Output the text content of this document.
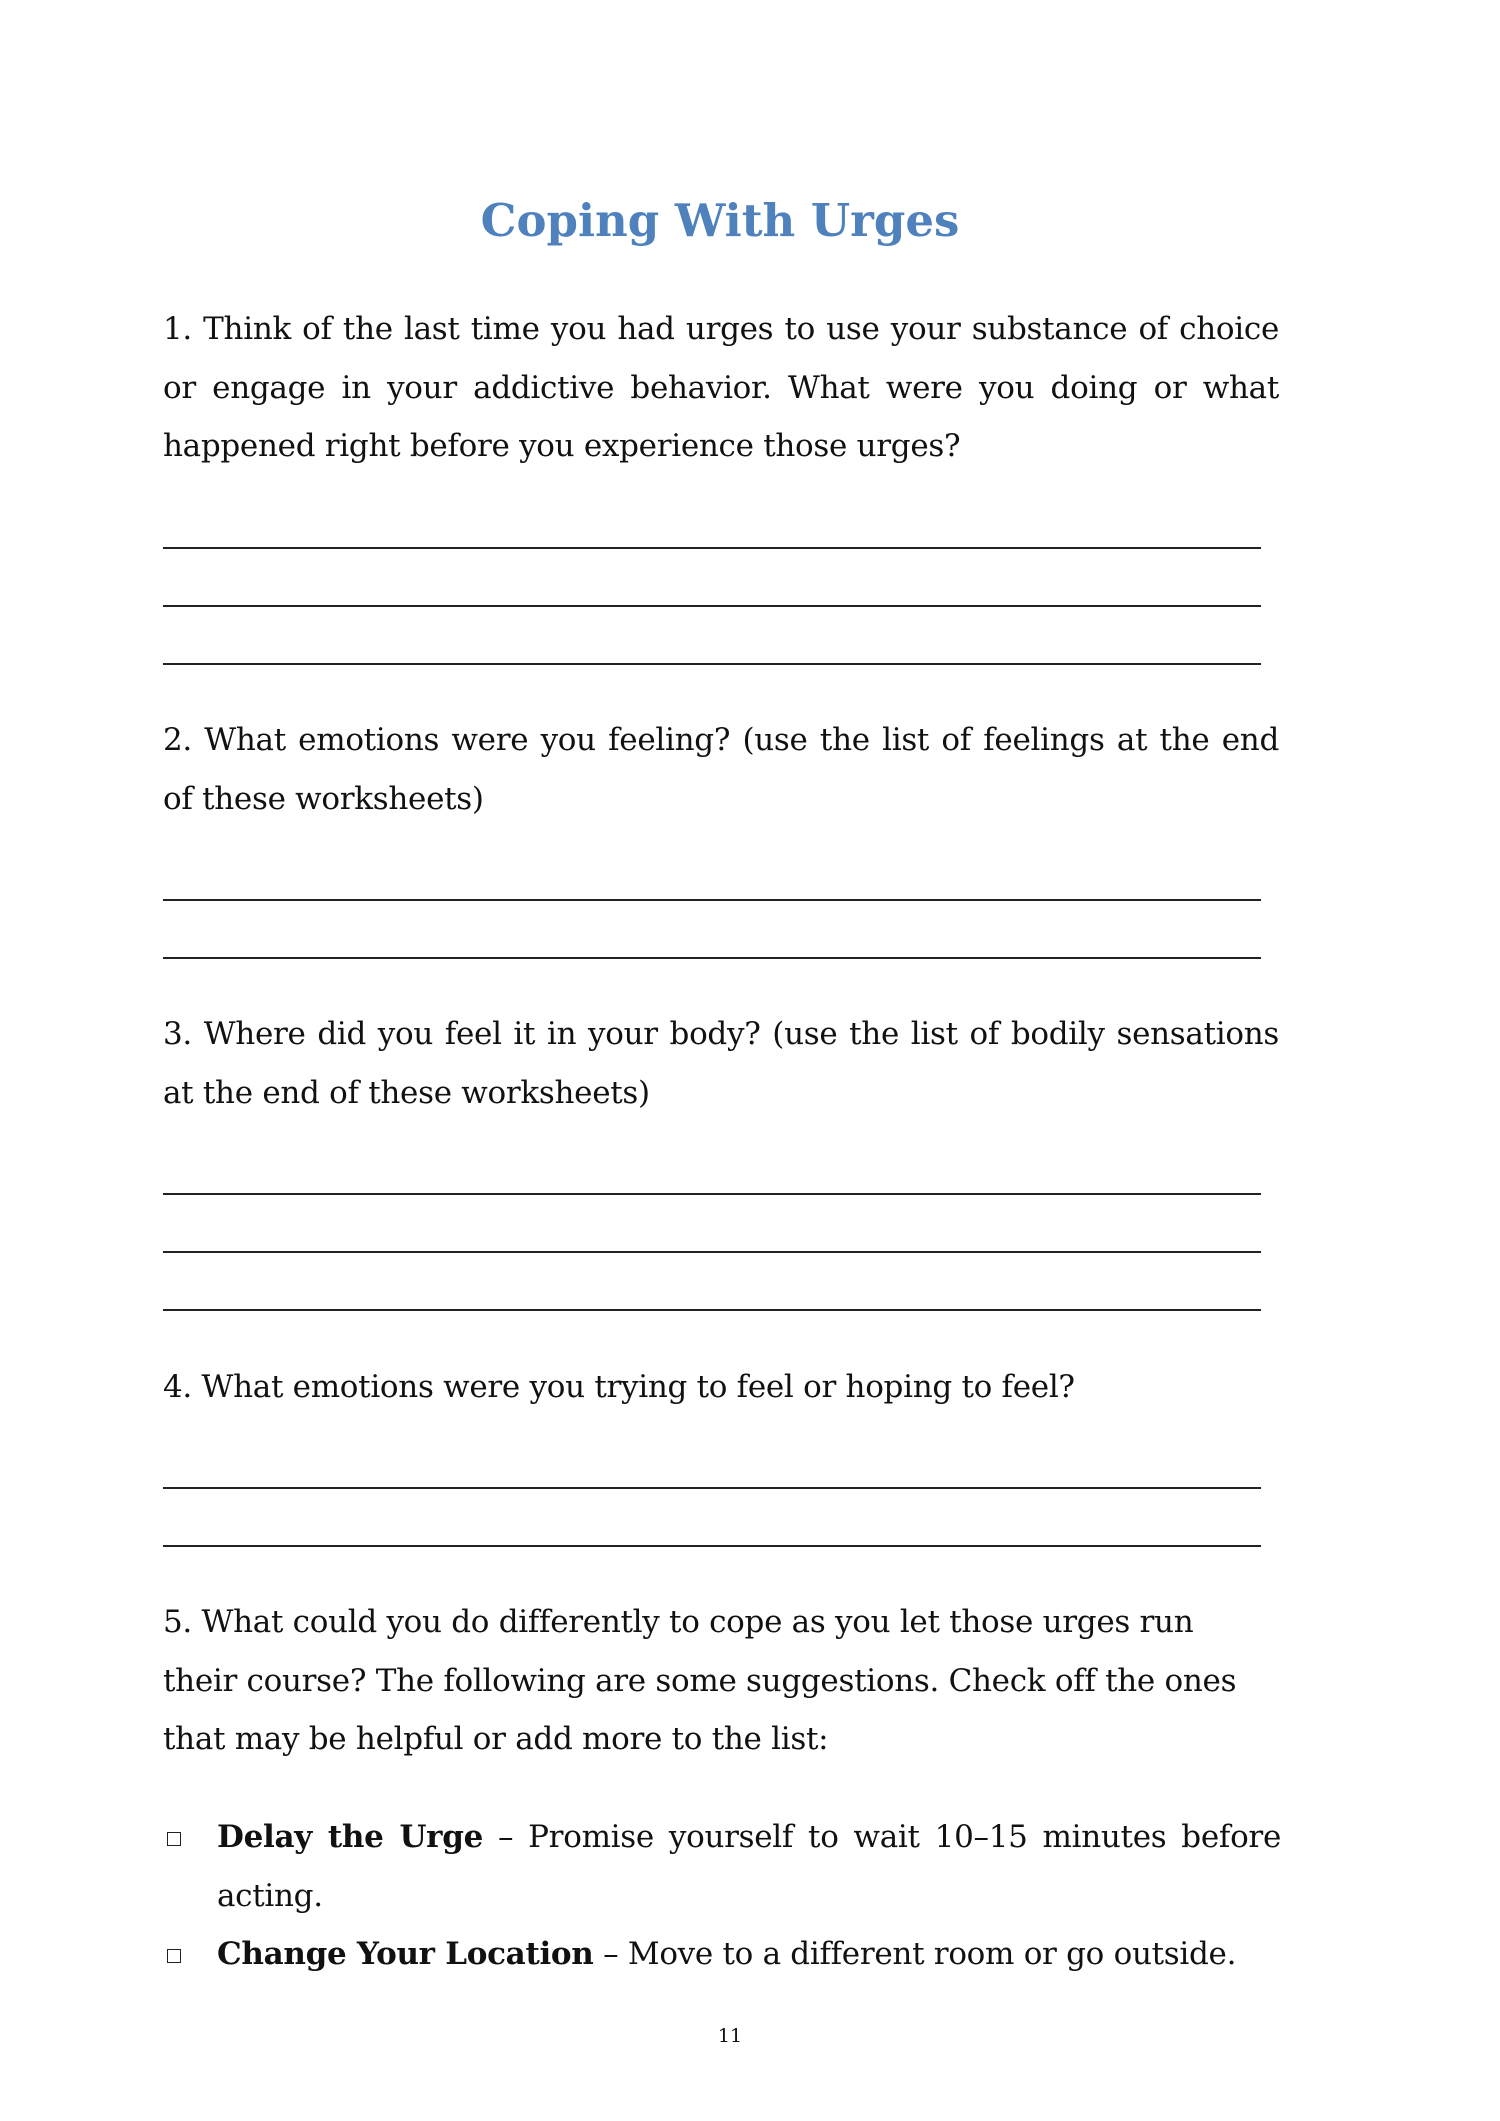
Coping With Urges

1. Think of the last time you had urges to use your substance of choice or engage in your addictive behavior. What were you doing or what happened right before you experience those urges?

2. What emotions were you feeling? (use the list of feelings at the end of these worksheets)

3. Where did you feel it in your body? (use the list of bodily sensations at the end of these worksheets)

4. What emotions were you trying to feel or hoping to feel?

5. What could you do differently to cope as you let those urges run their course? The following are some suggestions. Check off the ones that may be helpful or add more to the list:

Delay the Urge – Promise yourself to wait 10–15 minutes before acting.
Change Your Location – Move to a different room or go outside.
11
